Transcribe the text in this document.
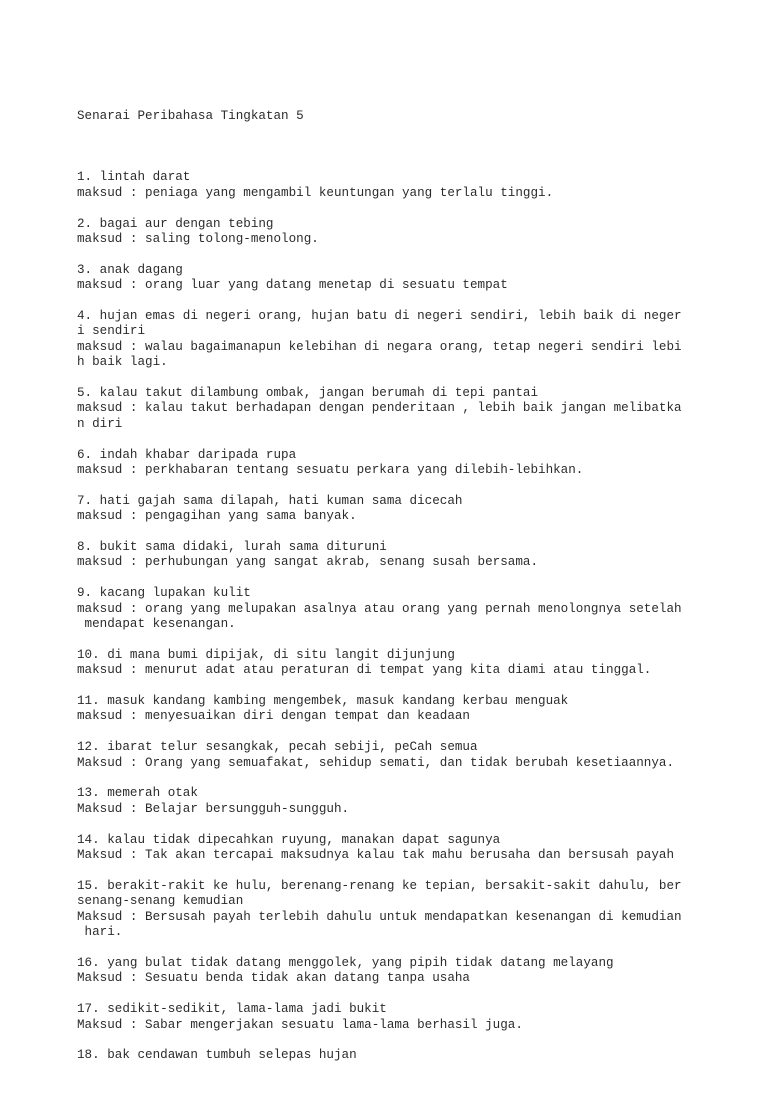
Senarai Peribahasa Tingkatan 5

1. lintah darat
maksud : peniaga yang mengambil keuntungan yang terlalu tinggi.
2. bagai aur dengan tebing
maksud : saling tolong-menolong.
3. anak dagang
maksud : orang luar yang datang menetap di sesuatu tempat
4. hujan emas di negeri orang, hujan batu di negeri sendiri, lebih baik di neger
i sendiri
maksud : walau bagaimanapun kelebihan di negara orang, tetap negeri sendiri lebi
h baik lagi.
5. kalau takut dilambung ombak, jangan berumah di tepi pantai
maksud : kalau takut berhadapan dengan penderitaan , lebih baik jangan melibatka
n diri
6. indah khabar daripada rupa
maksud : perkhabaran tentang sesuatu perkara yang dilebih-lebihkan.
7. hati gajah sama dilapah, hati kuman sama dicecah
maksud : pengagihan yang sama banyak.
8. bukit sama didaki, lurah sama dituruni
maksud : perhubungan yang sangat akrab, senang susah bersama.
9. kacang lupakan kulit
maksud : orang yang melupakan asalnya atau orang yang pernah menolongnya setelah
mendapat kesenangan.
10. di mana bumi dipijak, di situ langit dijunjung
maksud : menurut adat atau peraturan di tempat yang kita diami atau tinggal.
11. masuk kandang kambing mengembek, masuk kandang kerbau menguak
maksud : menyesuaikan diri dengan tempat dan keadaan
12. ibarat telur sesangkak, pecah sebiji, peCah semua
Maksud : Orang yang semuafakat, sehidup semati, dan tidak berubah kesetiaannya.
13. memerah otak
Maksud : Belajar bersungguh-sungguh.
14. kalau tidak dipecahkan ruyung, manakan dapat sagunya
Maksud : Tak akan tercapai maksudnya kalau tak mahu berusaha dan bersusah payah
15. berakit-rakit ke hulu, berenang-renang ke tepian, bersakit-sakit dahulu, ber
senang-senang kemudian
Maksud : Bersusah payah terlebih dahulu untuk mendapatkan kesenangan di kemudian
hari.
16. yang bulat tidak datang menggolek, yang pipih tidak datang melayang
Maksud : Sesuatu benda tidak akan datang tanpa usaha
17. sedikit-sedikit, lama-lama jadi bukit
Maksud : Sabar mengerjakan sesuatu lama-lama berhasil juga.
18. bak cendawan tumbuh selepas hujan
